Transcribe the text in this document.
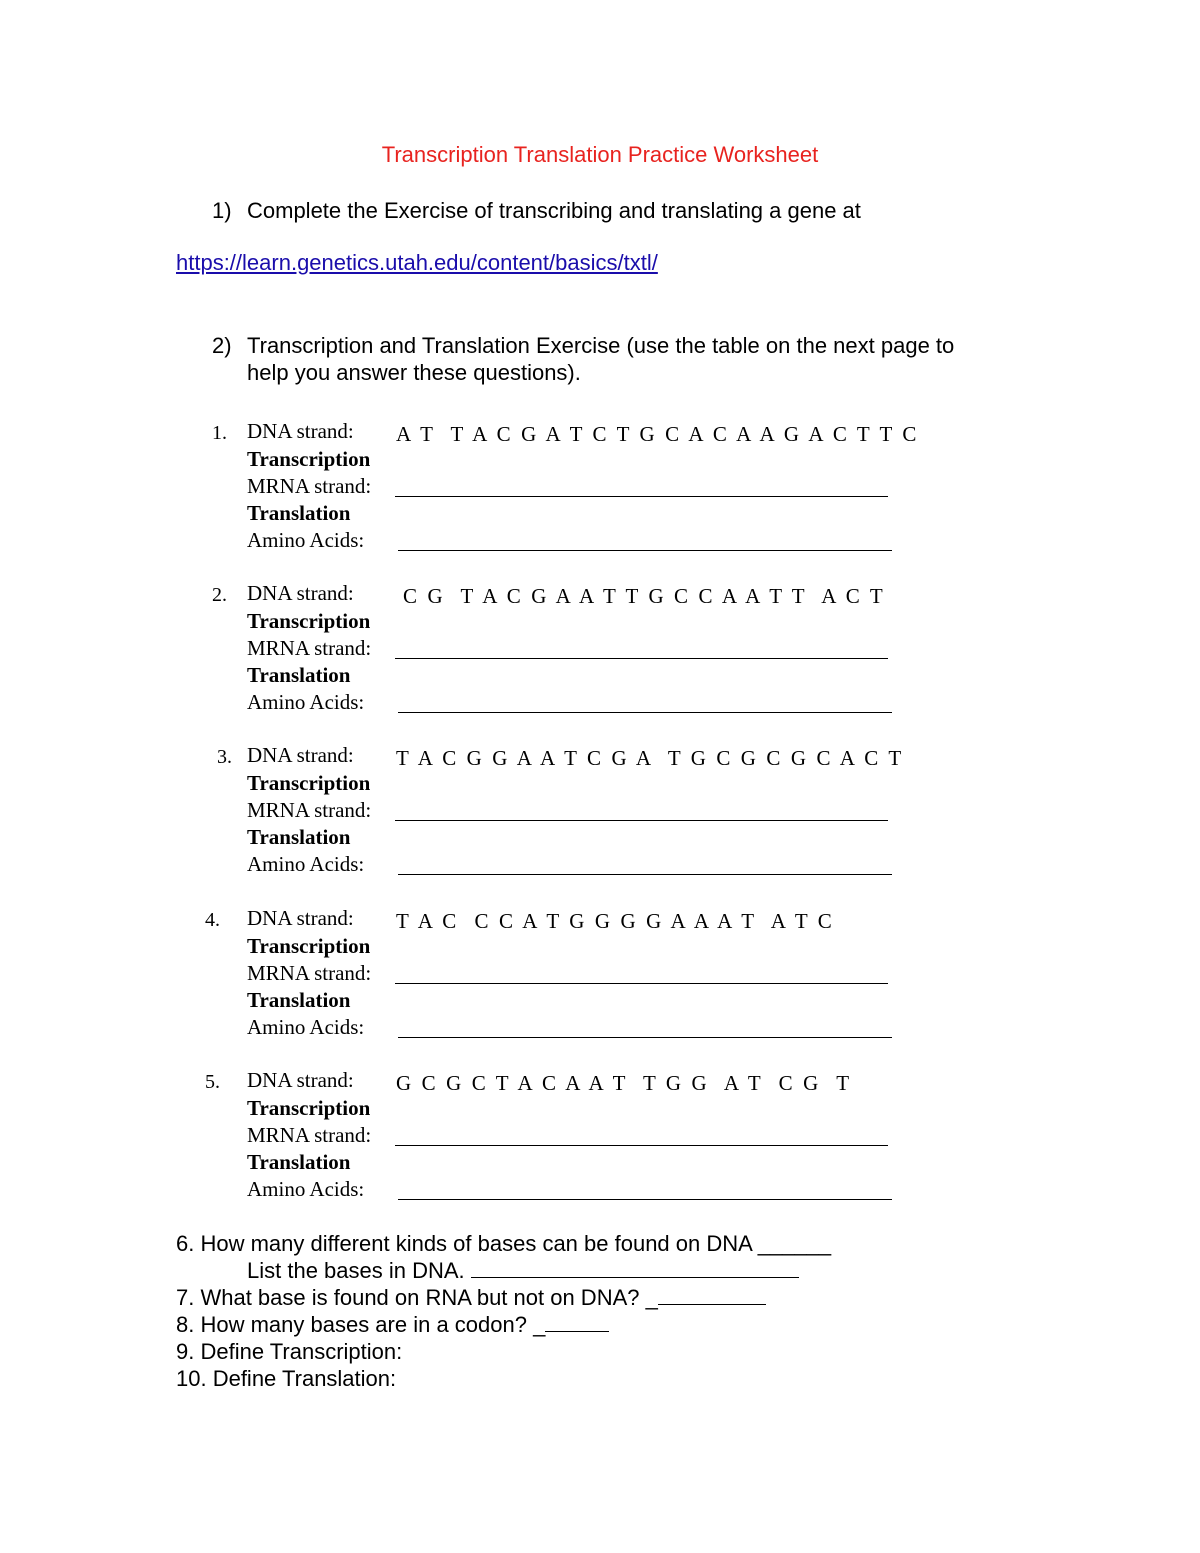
Transcription Translation Practice Worksheet
1) Complete the Exercise of transcribing and translating a gene at
https://learn.genetics.utah.edu/content/basics/txtl/
2) Transcription and Translation Exercise (use the table on the next page to
help you answer these questions).
1. DNA strand:
Transcription
MRNA strand:
Translation
Amino Acids:
A T  T A C G A T C T G C A C A A G A C T T C
2. DNA strand:
Transcription
MRNA strand:
Translation
Amino Acids:
C G  T A C G A A T T G C C A A T T  A C T
3. DNA strand:
Transcription
MRNA strand:
Translation
Amino Acids:
T A C G G A A T C G A  T G C G C G C A C T
4. DNA strand:
Transcription
MRNA strand:
Translation
Amino Acids:
T A C  C C A T G G G G A A A T  A T C
5. DNA strand:
Transcription
MRNA strand:
Translation
Amino Acids:
G C G C T A C A A T  T G G  A T  C G  T
6. How many different kinds of bases can be found on DNA ______
List the bases in DNA.
7. What base is found on RNA but not on DNA? _
8. How many bases are in a codon? _
9. Define Transcription:
10. Define Translation:
